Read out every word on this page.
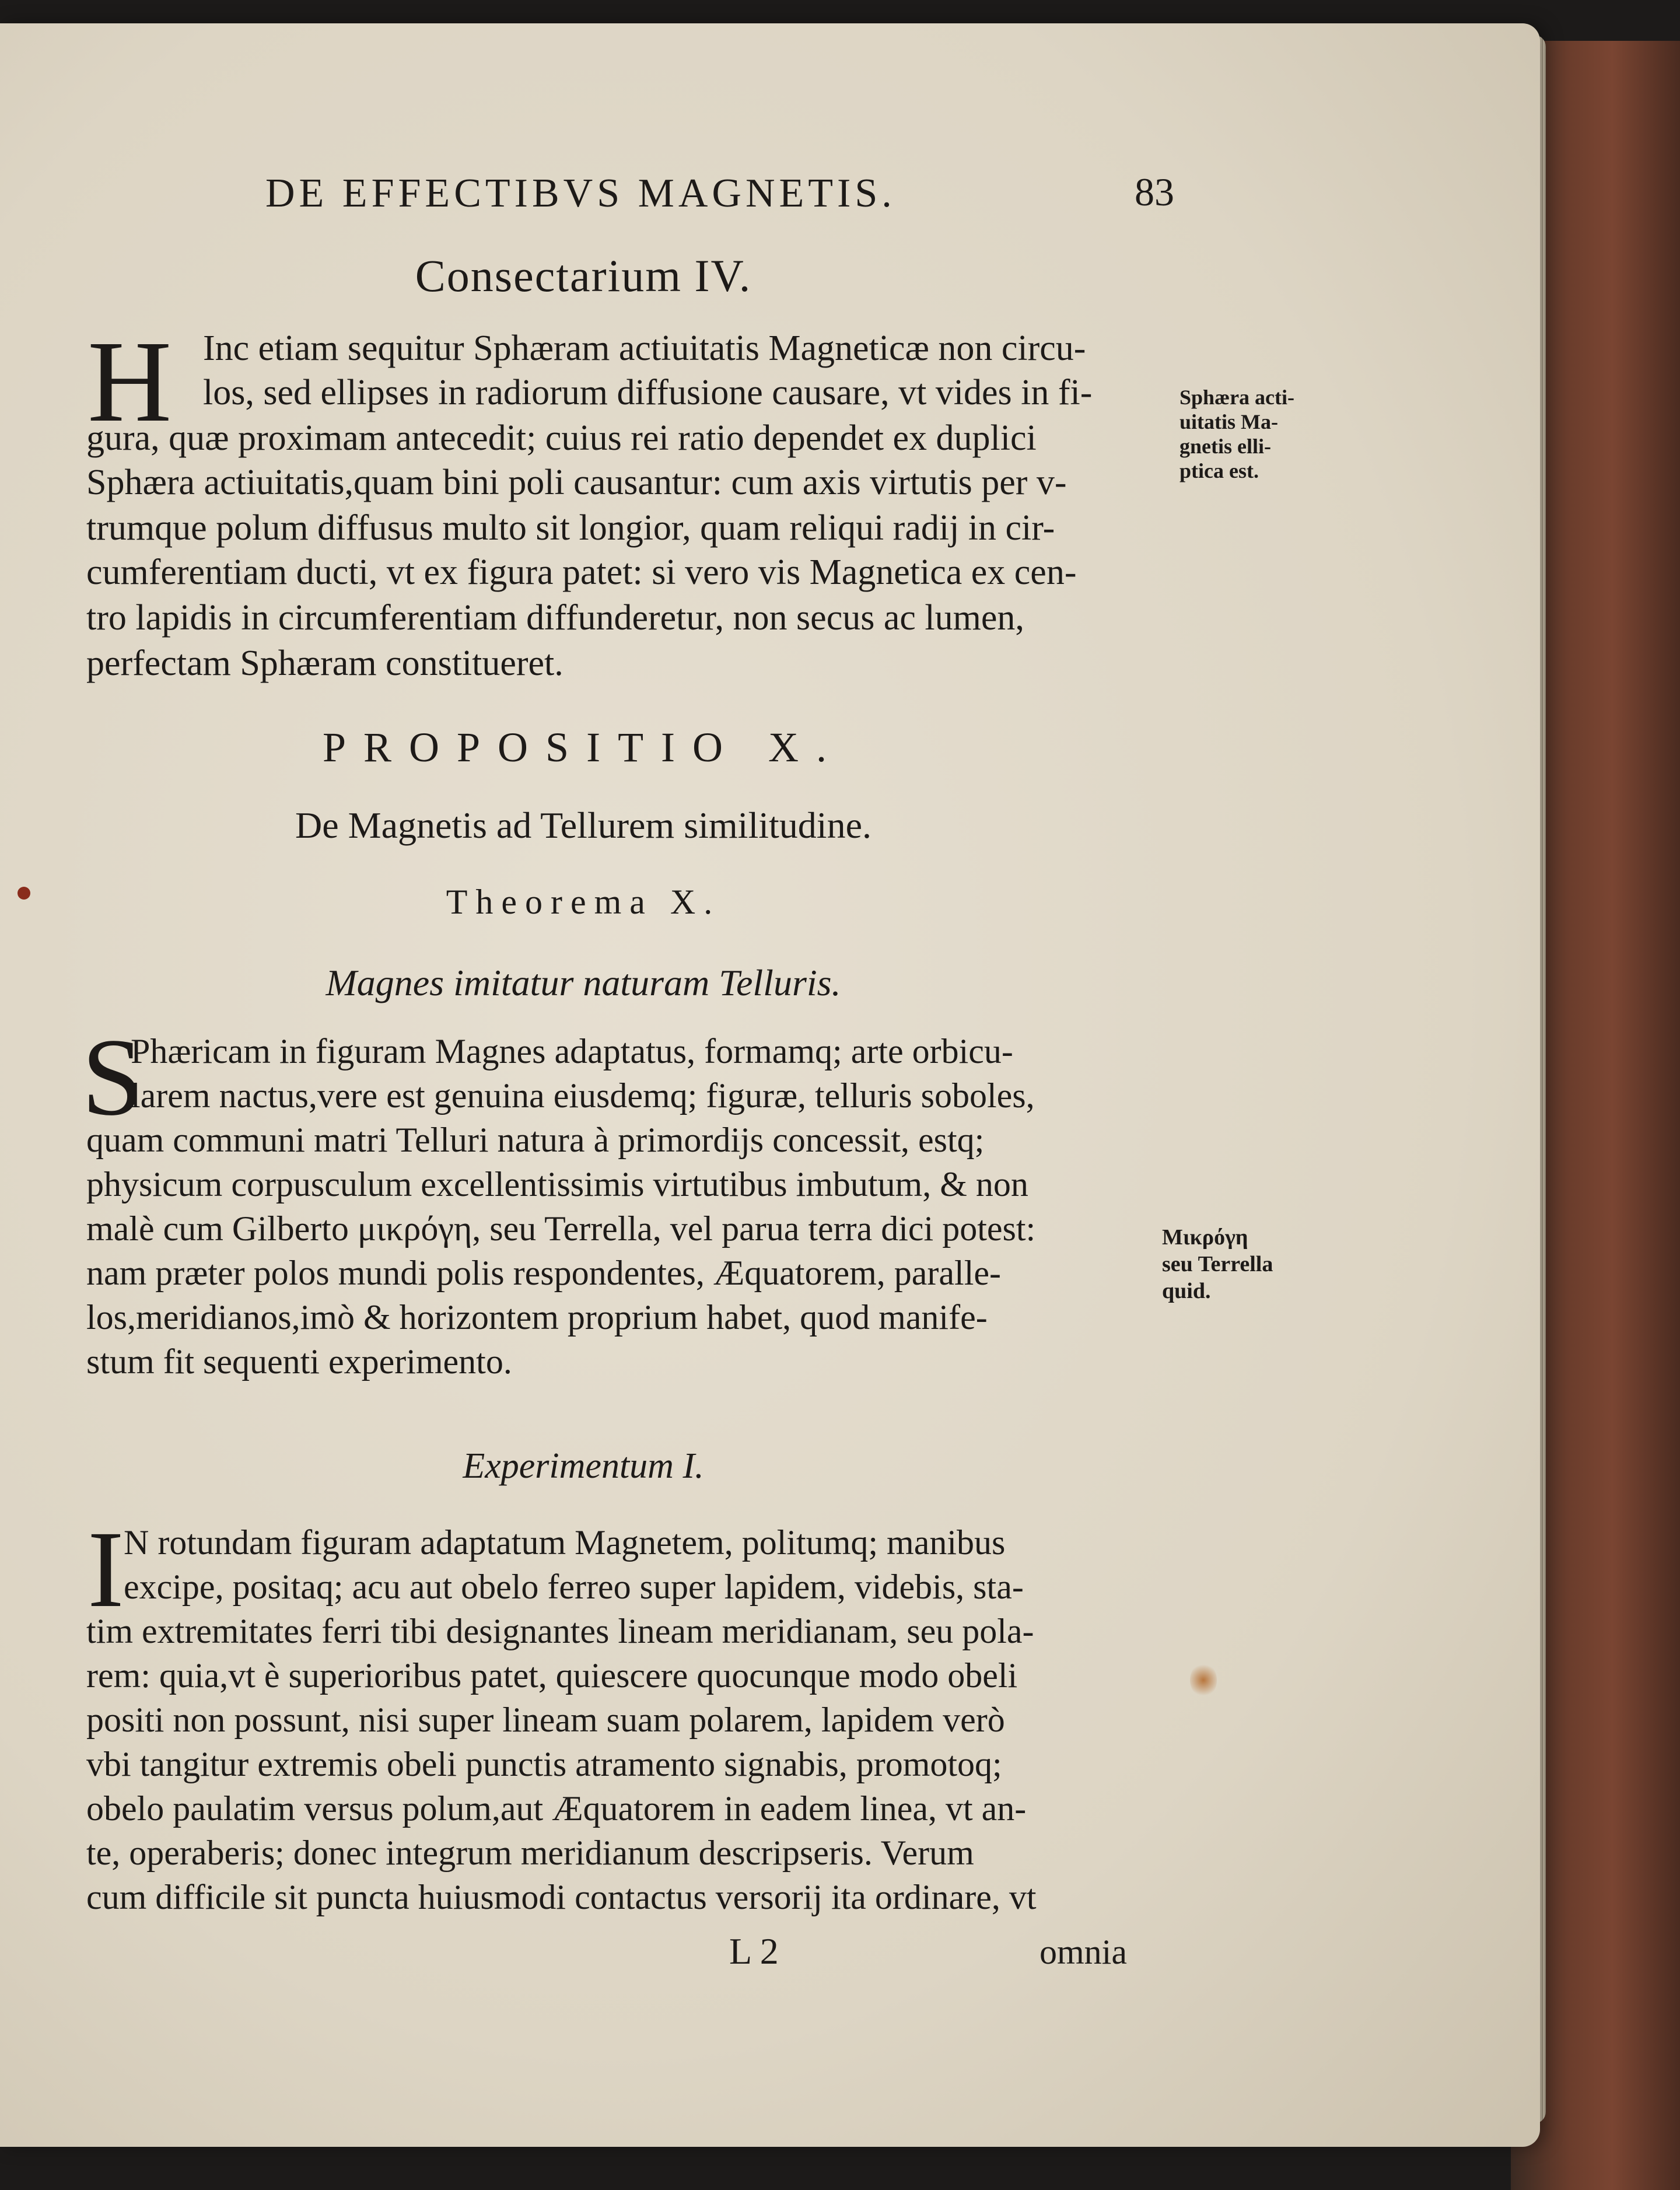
DE EFFECTIBVS MAGNETIS.	83
Consectarium IV.
H Inc etiam sequitur Sphæram actiuitatis Magneticæ non circu-
los, sed ellipses in radiorum diffusione causare, vt vides in fi-
gura, quæ proximam antecedit; cuius rei ratio dependet ex duplici
Sphæra actiuitatis,quam bini poli causantur: cum axis virtutis per v-
trumque polum diffusus multo sit longior, quam reliqui radij in cir-
cumferentiam ducti, vt ex figura patet: si vero vis Magnetica ex cen-
tro lapidis in circumferentiam diffunderetur, non secus ac lumen,
perfectam Sphæram constitueret.
Sphæra acti-
uitatis Ma-
gnetis elli-
ptica est.
PROPOSITIO X.
De Magnetis ad Tellurem similitudine.
Theorema X.
Magnes imitatur naturam Telluris.
S
Phæricam in figuram Magnes adaptatus, formamq; arte orbicu-
larem nactus,vere est genuina eiusdemq; figuræ, telluris soboles,
quam communi matri Telluri natura à primordijs concessit, estq;
physicum corpusculum excellentissimis virtutibus imbutum, & non
malè cum Gilberto μικρόγη, seu Terrella, vel parua terra dici potest:
nam præter polos mundi polis respondentes, Æquatorem, paralle-
los,meridianos,imò & horizontem proprium habet, quod manife-
stum fit sequenti experimento.
Μικρόγη
seu Terrella
quid.
Experimentum I.
I N rotundam figuram adaptatum Magnetem, politumq; manibus
excipe, positaq; acu aut obelo ferreo super lapidem, videbis, sta-
tim extremitates ferri tibi designantes lineam meridianam, seu pola-
rem: quia,vt è superioribus patet, quiescere quocunque modo obeli
positi non possunt, nisi super lineam suam polarem, lapidem verò
vbi tangitur extremis obeli punctis atramento signabis, promotoq;
obelo paulatim versus polum,aut Æquatorem in eadem linea, vt an-
te, operaberis; donec integrum meridianum descripseris. Verum
cum difficile sit puncta huiusmodi contactus versorij ita ordinare, vt
L 2	omnia
